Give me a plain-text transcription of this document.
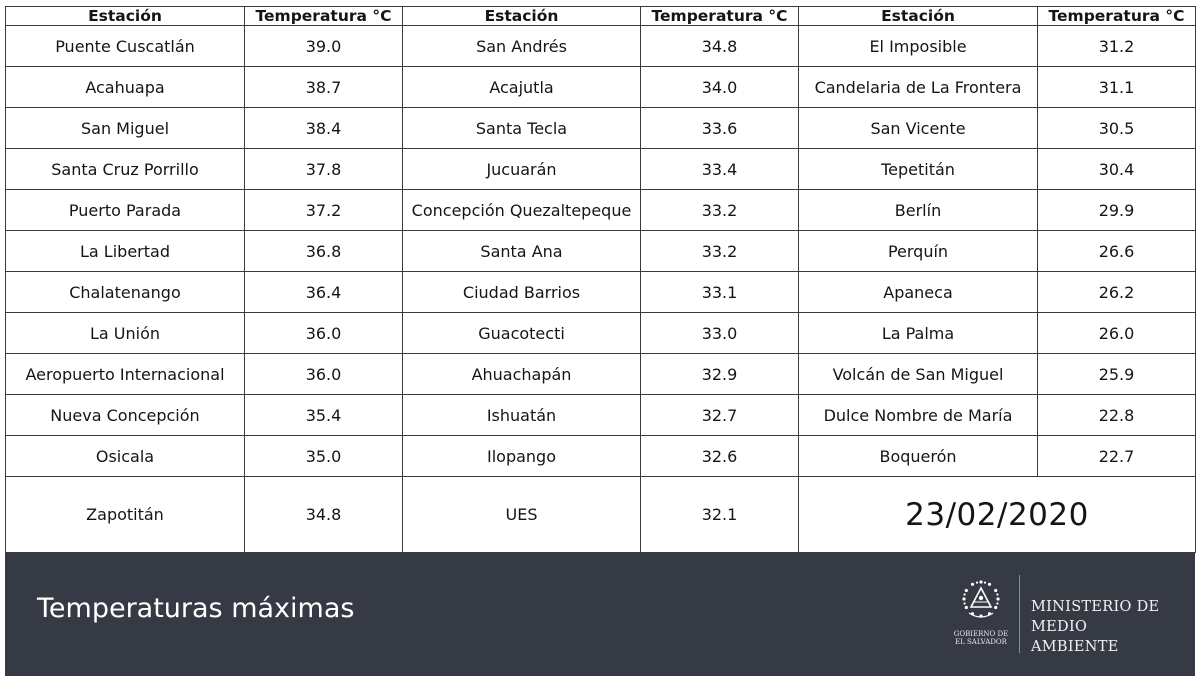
Estación	Temperatura °C	Estación	Temperatura °C	Estación	Temperatura °C
Puente Cuscatlán	39.0	San Andrés	34.8	El Imposible	31.2
Acahuapa	38.7	Acajutla	34.0	Candelaria de La Frontera	31.1
San Miguel	38.4	Santa Tecla	33.6	San Vicente	30.5
Santa Cruz Porrillo	37.8	Jucuarán	33.4	Tepetitán	30.4
Puerto Parada	37.2	Concepción Quezaltepeque	33.2	Berlín	29.9
La Libertad	36.8	Santa Ana	33.2	Perquín	26.6
Chalatenango	36.4	Ciudad Barrios	33.1	Apaneca	26.2
La Unión	36.0	Guacotecti	33.0	La Palma	26.0
Aeropuerto Internacional	36.0	Ahuachapán	32.9	Volcán de San Miguel	25.9
Nueva Concepción	35.4	Ishuatán	32.7	Dulce Nombre de María	22.8
Osicala	35.0	Ilopango	32.6	Boquerón	22.7
Zapotitán	34.8	UES	32.1	23/02/2020	
Temperaturas máximas
GOBIERNO DE
EL SALVADOR
MINISTERIO DE
MEDIO AMBIENTE
